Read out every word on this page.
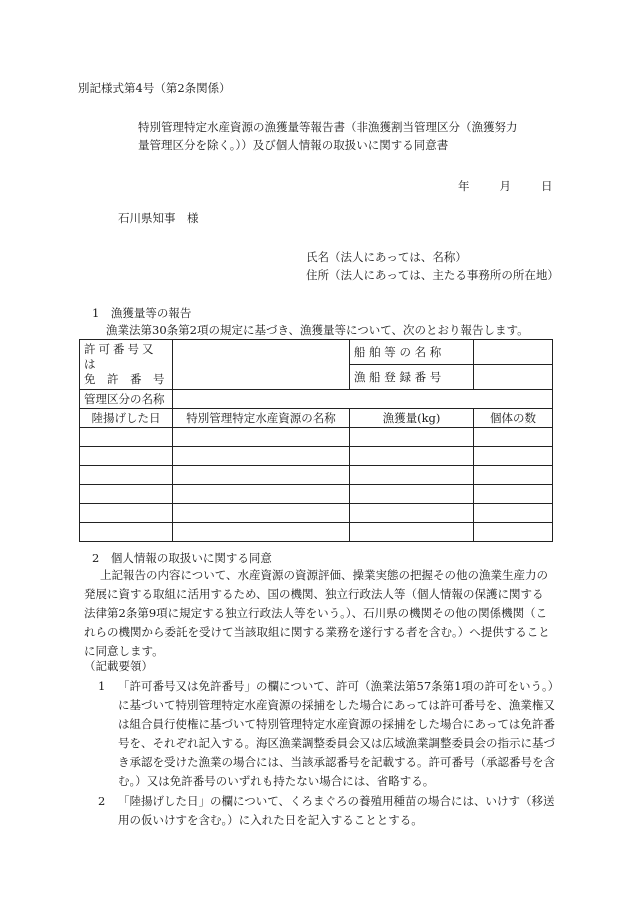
別記様式第4号（第2条関係）
特別管理特定水産資源の漁獲量等報告書（非漁獲割当管理区分（漁獲努力量管理区分を除く。））及び個人情報の取扱いに関する同意書
年	月	日
石川県知事　様
氏名（法人にあっては、名称）
住所（法人にあっては、主たる事務所の所在地）
1　漁獲量等の報告
漁業法第30条第2項の規定に基づき、漁獲量等について、次のとおり報告します。
許可番号又は
免　許　番　号		船 舶 等 の 名 称	
		漁 船 登 録 番 号	
管理区分の名称			
陸揚げした日	特別管理特定水産資源の名称	漁獲量(kg)	個体の数

2　個人情報の取扱いに関する同意
上記報告の内容について、水産資源の資源評価、操業実態の把握その他の漁業生産力の発展に資する取組に活用するため、国の機関、独立行政法人等（個人情報の保護に関する法律第2条第9項に規定する独立行政法人等をいう。）、石川県の機関その他の関係機関（これらの機関から委託を受けて当該取組に関する業務を遂行する者を含む。）へ提供することに同意します。
（記載要領）
1	「許可番号又は免許番号」の欄について、許可（漁業法第57条第1項の許可をいう。）に基づいて特別管理特定水産資源の採捕をした場合にあっては許可番号を、漁業権又は組合員行使権に基づいて特別管理特定水産資源の採捕をした場合にあっては免許番号を、それぞれ記入する。海区漁業調整委員会又は広域漁業調整委員会の指示に基づき承認を受けた漁業の場合には、当該承認番号を記載する。許可番号（承認番号を含む。）又は免許番号のいずれも持たない場合には、省略する。
2	「陸揚げした日」の欄について、くろまぐろの養殖用種苗の場合には、いけす（移送用の仮いけすを含む。）に入れた日を記入することとする。
